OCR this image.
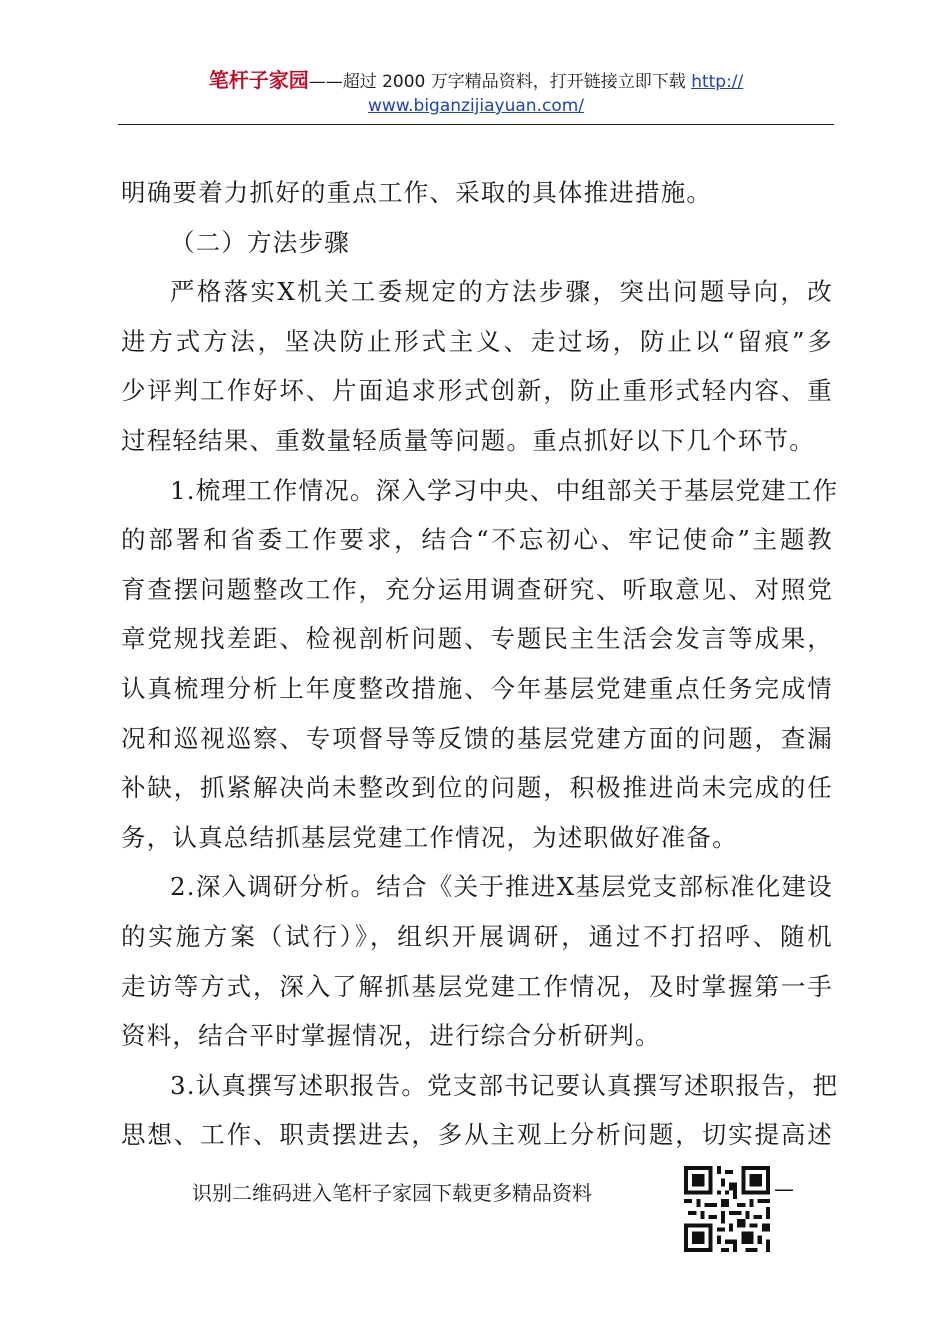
笔杆子家园——超过 2000 万字精品资料，打开链接立即下载 http://
www.biganzijiayuan.com/
明确要着力抓好的重点工作、采取的具体推进措施。
（二）方法步骤
严格落实X机关工委规定的方法步骤，突出问题导向，改
进方式方法，坚决防止形式主义、走过场，防止以“留痕”多
少评判工作好坏、片面追求形式创新，防止重形式轻内容、重
过程轻结果、重数量轻质量等问题。重点抓好以下几个环节。
1.梳理工作情况。深入学习中央、中组部关于基层党建工作
的部署和省委工作要求，结合“不忘初心、牢记使命”主题教
育查摆问题整改工作，充分运用调查研究、听取意见、对照党
章党规找差距、检视剖析问题、专题民主生活会发言等成果，
认真梳理分析上年度整改措施、今年基层党建重点任务完成情
况和巡视巡察、专项督导等反馈的基层党建方面的问题，查漏
补缺，抓紧解决尚未整改到位的问题，积极推进尚未完成的任
务，认真总结抓基层党建工作情况，为述职做好准备。
2.深入调研分析。结合《关于推进X基层党支部标准化建设
的实施方案（试行）》，组织开展调研，通过不打招呼、随机
走访等方式，深入了解抓基层党建工作情况，及时掌握第一手
资料，结合平时掌握情况，进行综合分析研判。
3.认真撰写述职报告。党支部书记要认真撰写述职报告，把
思想、工作、职责摆进去，多从主观上分析问题，切实提高述
识别二维码进入笔杆子家园下载更多精品资料	—
